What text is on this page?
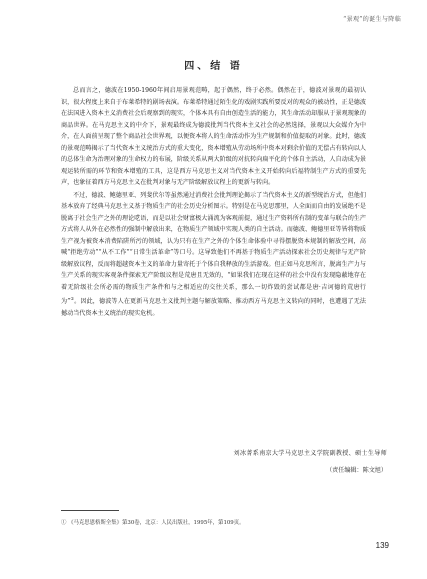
“景观”的诞生与降临
四、结 语

总而言之，德波在1950-1960年间启用景观范畴，起于偶然，终于必然。偶然在于，德波对景观的最初认识，很大程度上来自于布莱希特的剧场表演。布莱希特通过陌生化的戏剧实践所要反对的观众的被动性，正是德波在法国进入资本主义消费社会后观察到的现实，个体本具有自由创造生活的能力，其生命活动却服从于景观现象的商品世界。在马克思主义的中介下，景观最终成为德波批判当代资本主义社会的必然选择，景观以大众媒介为中介，在人面前呈现了整个商品社会世界观，以便资本将人的生命活动作为生产规制和价值提取的对象。此时，德波的景观范畴揭示了当代资本主义统治方式的重大变化，资本增殖从劳动场所中资本对剩余价值的无偿占有转向以人的总体生命为治理对象的生命权力的布展，阶级关系从两大阶级的对抗转向扁平化的个体自主活动，人自动成为景观运转所需的环节和资本增殖的工具，这是西方马克思主义对当代资本主义开始转向后福特制生产方式的重要先声，也象征着西方马克思主义在批判对象与无产阶级解放议程上的更新与转向。

不过，德波、鲍德里亚、列斐伏尔等虽然通过消费社会批判理论揭示了当代资本主义的新型统治方式，但他们基本放弃了经典马克思主义基于物质生产的社会历史分析图示。特别是在马克思那里，人全面而自由的发展绝不是脱离于社会生产之外的理论呓语，而是以社会财富极大涌流为客观前提，通过生产资料所有制的变革与联合的生产方式将人从外在必然性的强制中解放出来，在物质生产领域中实现人类的自主活动。而德波、鲍德里亚等皆将物质生产视为被资本消费陷阱所污的领域，认为只有在生产之外的个体生命体验中寻得摆脱资本规制的解放空间，高喊“拒绝劳动”“从不工作”“日常生活革命”等口号。这导致他们不再基于物质生产活动探索社会历史规律与无产阶级解放议程，反而将超越资本主义的革命力量寄托于个体自我释放的生活游戏。但正如马克思所言，脱离生产力与生产关系的现实客观条件探索无产阶级议程是荒唐且无效的，“如果我们在现在这样的社会中没有发现隐蔽地存在着无阶级社会所必需的物质生产条件和与之相适应的交往关系，那么一切炸毁的尝试都是唐·吉诃德的荒唐行为”①。因此，德波等人在更新马克思主义批判主题与解放策略、推动西方马克思主义转向的同时，也遭遇了无法撼动当代资本主义统治的现实危机。

刘冰菁系南京大学马克思主义学院副教授、硕士生导师
（责任编辑：陈文旭）
① 《马克思恩格斯全集》第30卷，北京：人民出版社，1995年，第109页。
139
